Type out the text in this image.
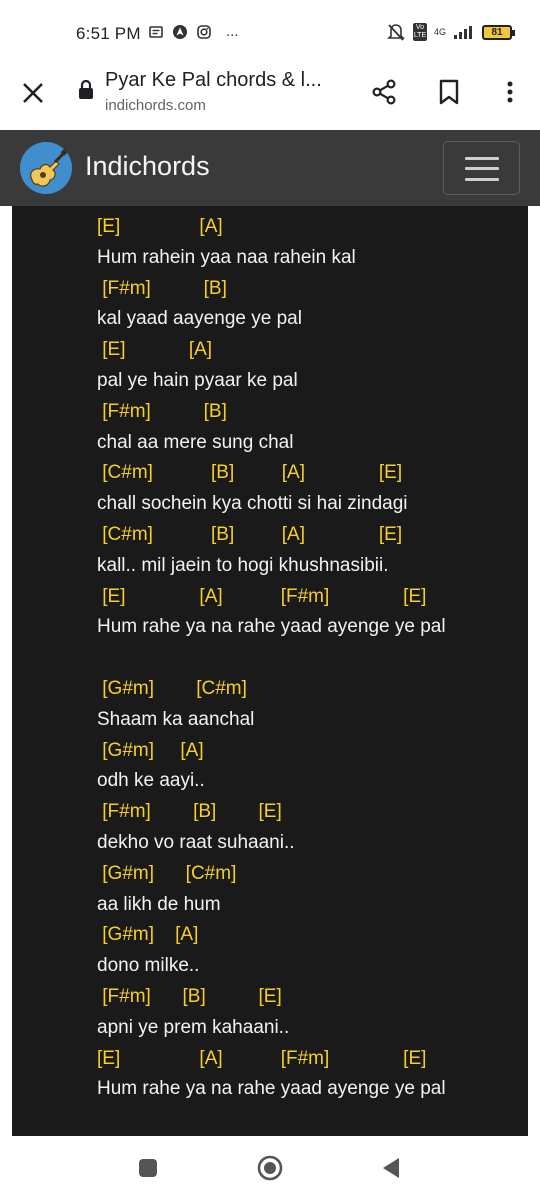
6:51 PM	...	Vo LTE 4G	81
Pyar Ke Pal chords & l...
indichords.com
Indichords
[E]               [A]
Hum rahein yaa naa rahein kal
[F#m]          [B]
kal yaad aayenge ye pal
[E]            [A]
pal ye hain pyaar ke pal
[F#m]          [B]
chal aa mere sung chal
[C#m]           [B]         [A]              [E]
chall sochein kya chotti si hai zindagi
[C#m]           [B]         [A]              [E]
kall.. mil jaein to hogi khushnasibii.
[E]              [A]           [F#m]              [E]
Hum rahe ya na rahe yaad ayenge ye pal
[G#m]        [C#m]
Shaam ka aanchal
[G#m]     [A]
odh ke aayi..
[F#m]        [B]        [E]
dekho vo raat suhaani..
[G#m]      [C#m]
aa likh de hum
[G#m]    [A]
dono milke..
[F#m]      [B]          [E]
apni ye prem kahaani..
[E]               [A]           [F#m]              [E]
Hum rahe ya na rahe yaad ayenge ye pal
